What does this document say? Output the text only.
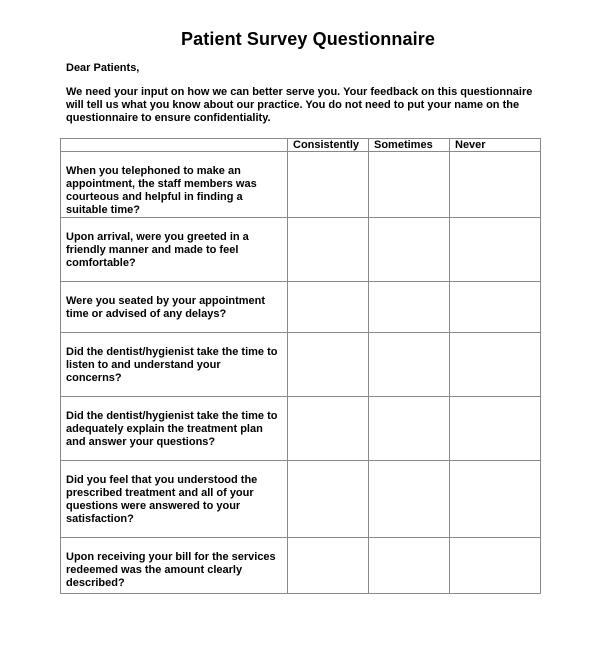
Patient Survey Questionnaire
Dear Patients,
We need your input on how we can better serve you. Your feedback on this questionnaire
will tell us what you know about our practice. You do not need to put your name on the
questionnaire to ensure confidentiality.
	Consistently	Sometimes	Never

When you telephoned to make an
appointment, the staff members was
courteous and helpful in finding a
suitable time?			

Upon arrival, were you greeted in a
friendly manner and made to feel
comfortable?			

Were you seated by your appointment
time or advised of any delays?			

Did the dentist/hygienist take the time to
listen to and understand your
concerns?			

Did the dentist/hygienist take the time to
adequately explain the treatment plan
and answer your questions?			

Did you feel that you understood the
prescribed treatment and all of your
questions were answered to your
satisfaction?			

Upon receiving your bill for the services
redeemed was the amount clearly
described?			
